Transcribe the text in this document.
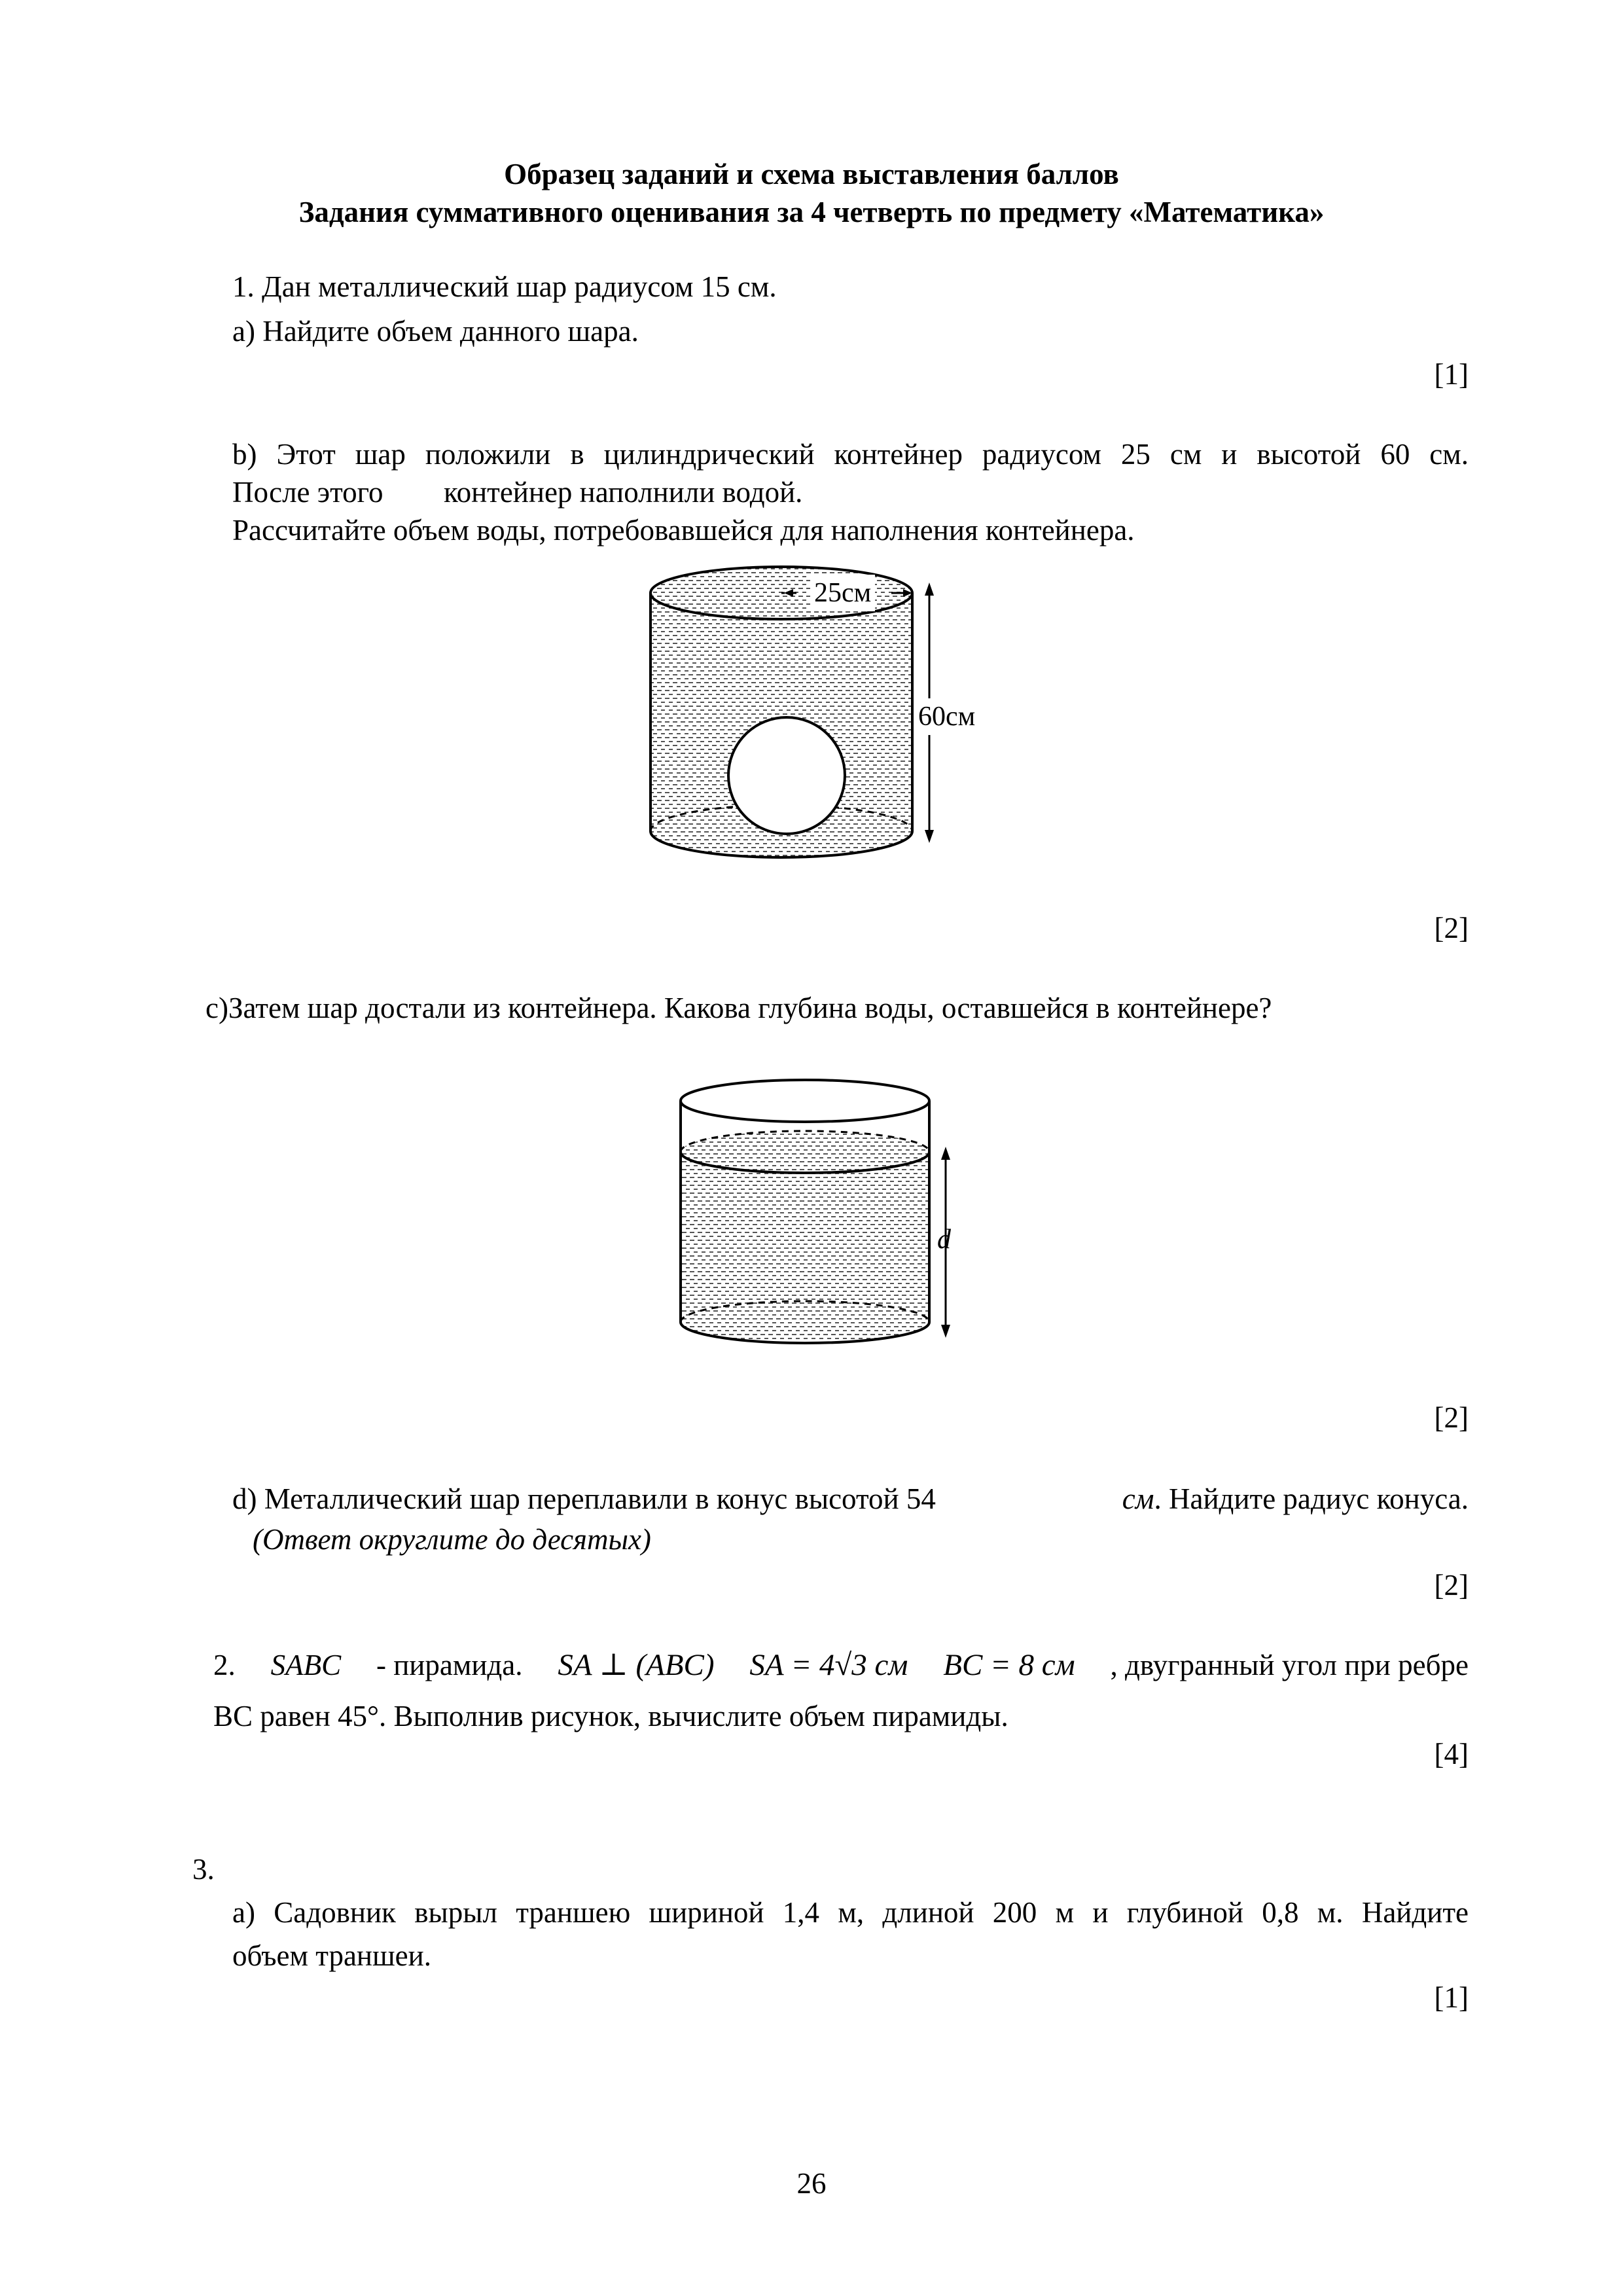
Образец заданий и схема выставления баллов
Задания суммативного оценивания за 4 четверть по предмету «Математика»
1. Дан металлический шар радиусом 15 см.
a) Найдите объем данного шара.
[1]
b) Этот шар положили в цилиндрический контейнер радиусом 25 см и высотой 60 см.
После этого контейнер наполнили водой.
Рассчитайте объем воды, потребовавшейся для наполнения контейнера.
25см
60см
[2]
c)Затем шар достали из контейнера. Какова глубина воды, оставшейся в контейнере?
d
[2]
d) Металлический шар переплавили в конус высотой 54	см. Найдите радиус конуса.
(Ответ округлите до десятых)
[2]
2. SABC - пирамида. SA ⊥ (ABC) SA = 4√3 см BC = 8 см , двугранный угол при ребре
ВС равен 45°. Выполнив рисунок, вычислите объем пирамиды.
[4]
3.
a) Садовник вырыл траншею шириной 1,4 м, длиной 200 м и глубиной 0,8 м. Найдите
объем траншеи.
[1]
26
